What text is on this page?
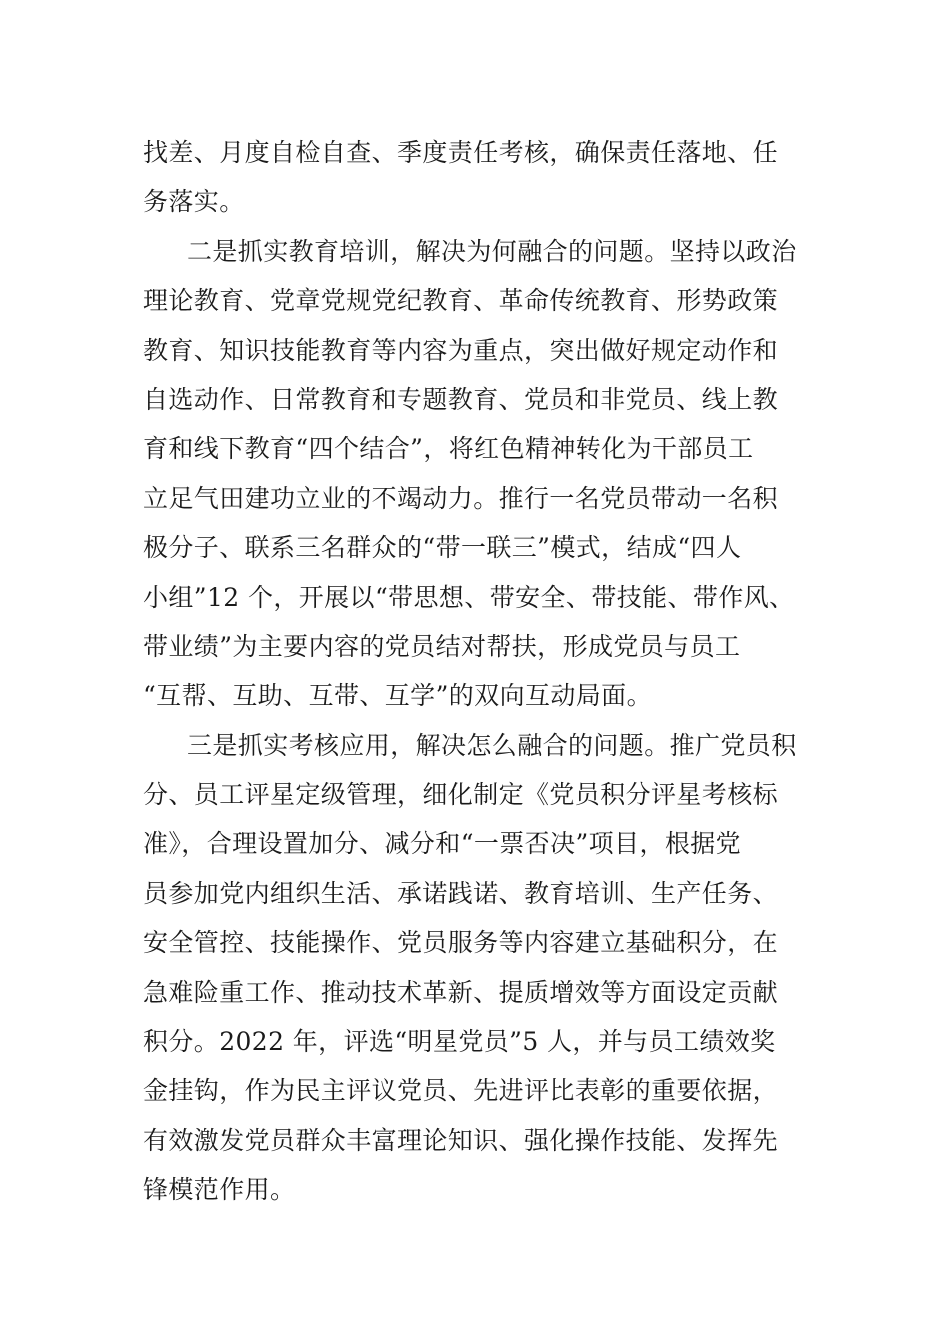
找差、月度自检自查、季度责任考核，确保责任落地、任
务落实。
二是抓实教育培训，解决为何融合的问题。坚持以政治
理论教育、党章党规党纪教育、革命传统教育、形势政策
教育、知识技能教育等内容为重点，突出做好规定动作和
自选动作、日常教育和专题教育、党员和非党员、线上教
育和线下教育“四个结合”，将红色精神转化为干部员工
立足气田建功立业的不竭动力。推行一名党员带动一名积
极分子、联系三名群众的“带一联三”模式，结成“四人
小组”12 个，开展以“带思想、带安全、带技能、带作风、
带业绩”为主要内容的党员结对帮扶，形成党员与员工
“互帮、互助、互带、互学”的双向互动局面。
三是抓实考核应用，解决怎么融合的问题。推广党员积
分、员工评星定级管理，细化制定《党员积分评星考核标
准》，合理设置加分、减分和“一票否决”项目，根据党
员参加党内组织生活、承诺践诺、教育培训、生产任务、
安全管控、技能操作、党员服务等内容建立基础积分，在
急难险重工作、推动技术革新、提质增效等方面设定贡献
积分。2022 年，评选“明星党员”5 人，并与员工绩效奖
金挂钩，作为民主评议党员、先进评比表彰的重要依据，
有效激发党员群众丰富理论知识、强化操作技能、发挥先
锋模范作用。
